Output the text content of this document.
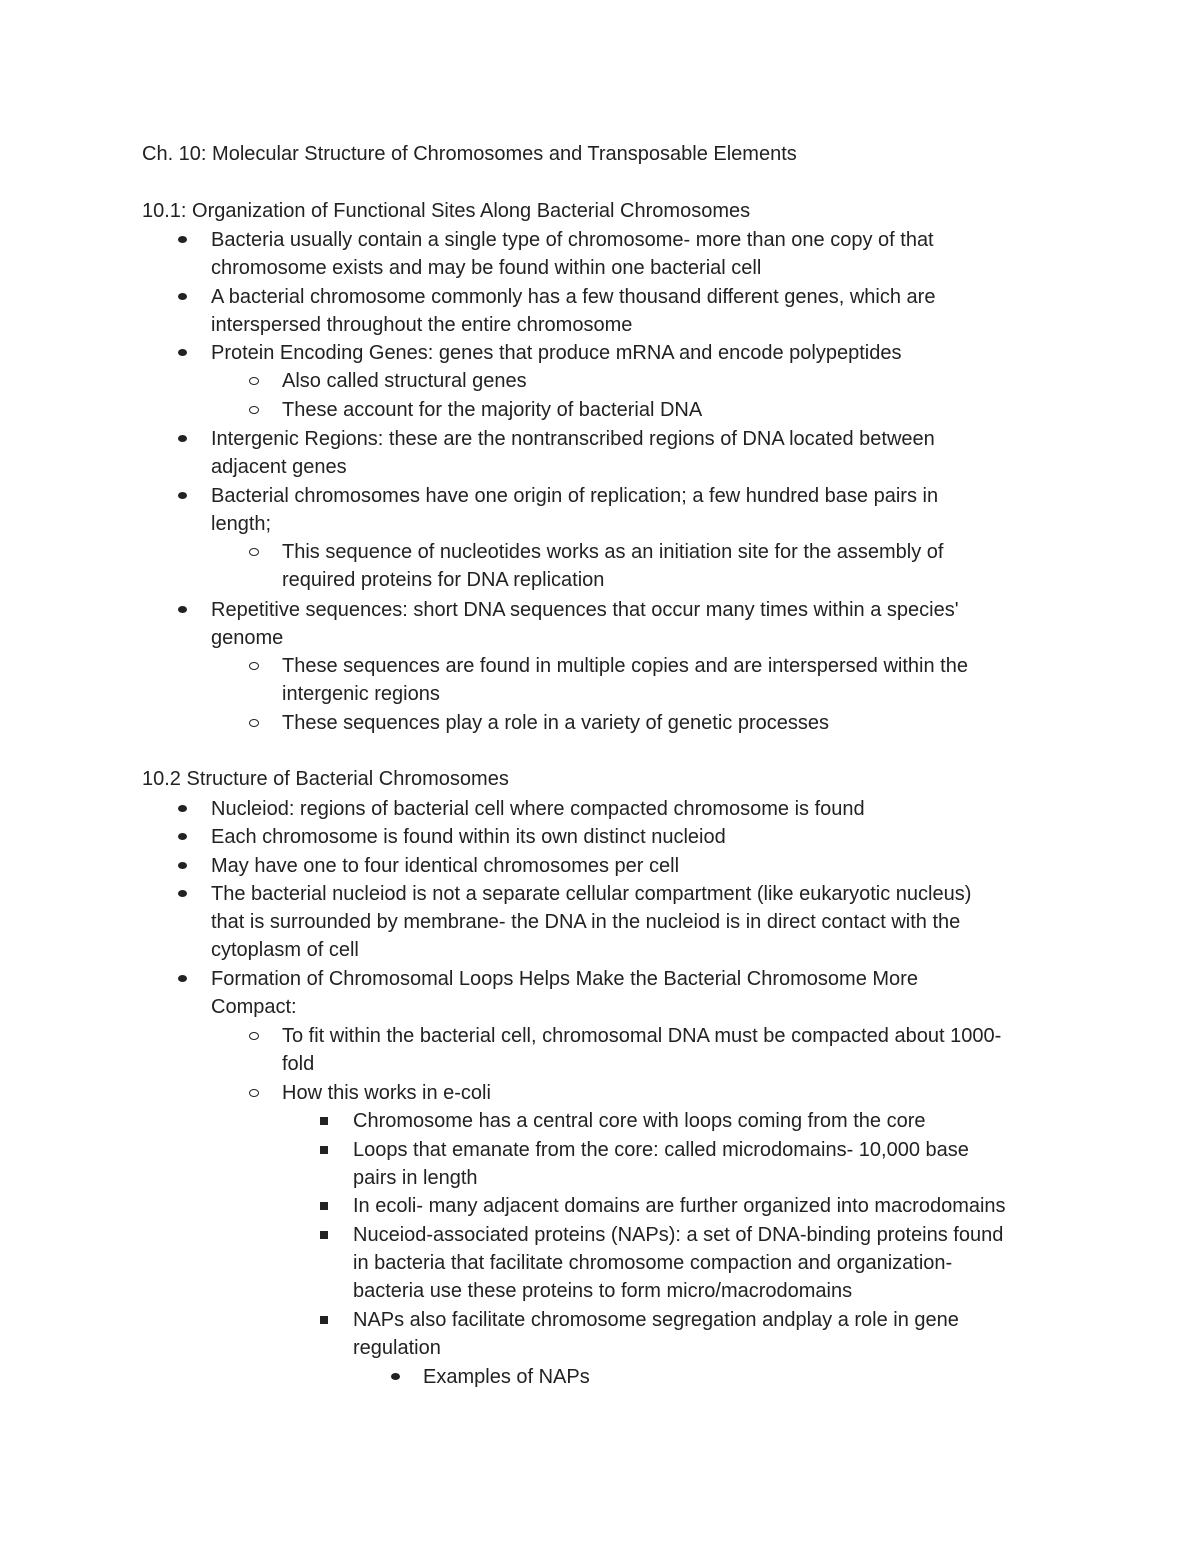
Ch. 10: Molecular Structure of Chromosomes and Transposable Elements
10.1: Organization of Functional Sites Along Bacterial Chromosomes
Bacteria usually contain a single type of chromosome- more than one copy of that
chromosome exists and may be found within one bacterial cell
A bacterial chromosome commonly has a few thousand different genes, which are
interspersed throughout the entire chromosome
Protein Encoding Genes: genes that produce mRNA and encode polypeptides
Also called structural genes
These account for the majority of bacterial DNA
Intergenic Regions: these are the nontranscribed regions of DNA located between
adjacent genes
Bacterial chromosomes have one origin of replication; a few hundred base pairs in
length;
This sequence of nucleotides works as an initiation site for the assembly of
required proteins for DNA replication
Repetitive sequences: short DNA sequences that occur many times within a species'
genome
These sequences are found in multiple copies and are interspersed within the
intergenic regions
These sequences play a role in a variety of genetic processes
10.2 Structure of Bacterial Chromosomes
Nucleiod: regions of bacterial cell where compacted chromosome is found
Each chromosome is found within its own distinct nucleiod
May have one to four identical chromosomes per cell
The bacterial nucleiod is not a separate cellular compartment (like eukaryotic nucleus)
that is surrounded by membrane- the DNA in the nucleiod is in direct contact with the
cytoplasm of cell
Formation of Chromosomal Loops Helps Make the Bacterial Chromosome More
Compact:
To fit within the bacterial cell, chromosomal DNA must be compacted about 1000-
fold
How this works in e-coli
Chromosome has a central core with loops coming from the core
Loops that emanate from the core: called microdomains- 10,000 base
pairs in length
In ecoli- many adjacent domains are further organized into macrodomains
Nuceiod-associated proteins (NAPs): a set of DNA-binding proteins found
in bacteria that facilitate chromosome compaction and organization-
bacteria use these proteins to form micro/macrodomains
NAPs also facilitate chromosome segregation andplay a role in gene
regulation
Examples of NAPs
